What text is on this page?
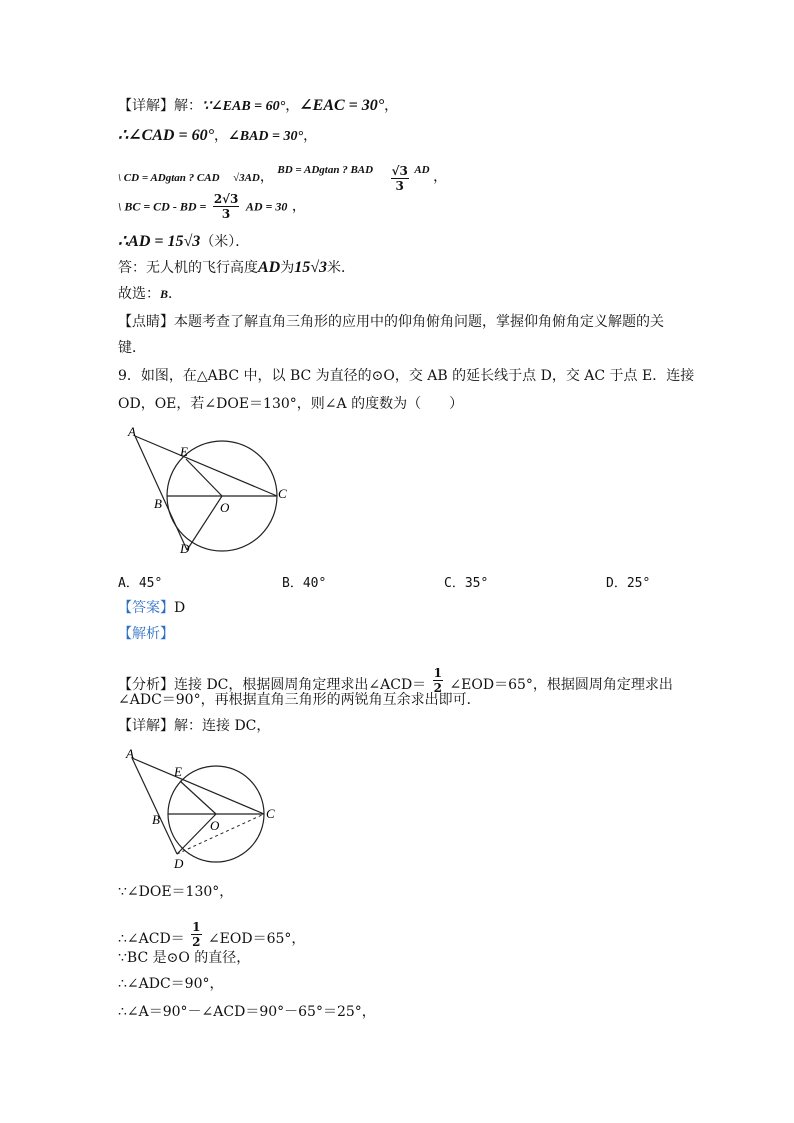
【详解】解：∵∠EAB = 60°，∠EAC = 30°，
∴∠CAD = 60°，∠BAD = 30°，
\ CD = ADgtan ? CAD √3AD， BD = ADgtan ? BAD $\frac{√3}{3}$ AD ，
\ BC = CD - BD = $\frac{2√3}{3}$ AD = 30 ，
∴AD = 15√3（米）．
答：无人机的飞行高度AD为15√3米．
故选：B．
【点睛】本题考查了解直角三角形的应用中的仰角俯角问题，掌握仰角俯角定义解题的关
键．
9．如图，在△ABC 中，以 BC 为直径的⊙O，交 AB 的延长线于点 D，交 AC 于点 E．连接
OD，OE，若∠DOE＝130°，则∠A 的度数为（　　）
A
E
B	O
C
D
A．45°	B．40°	C．35°	D．25°
【答案】D
【解析】
【分析】连接 DC，根据圆周角定理求出∠ACD＝ $\frac{1}{2}$ ∠EOD＝65°，根据圆周角定理求出
∠ADC＝90°，再根据直角三角形的两锐角互余求出即可．
【详解】解：连接 DC，
A
E
B	O
C
D
∵∠DOE＝130°，
∴∠ACD＝ $\frac{1}{2}$ ∠EOD＝65°，
∵BC 是⊙O 的直径，
∴∠ADC＝90°，
∴∠A＝90°－∠ACD＝90°－65°＝25°，
